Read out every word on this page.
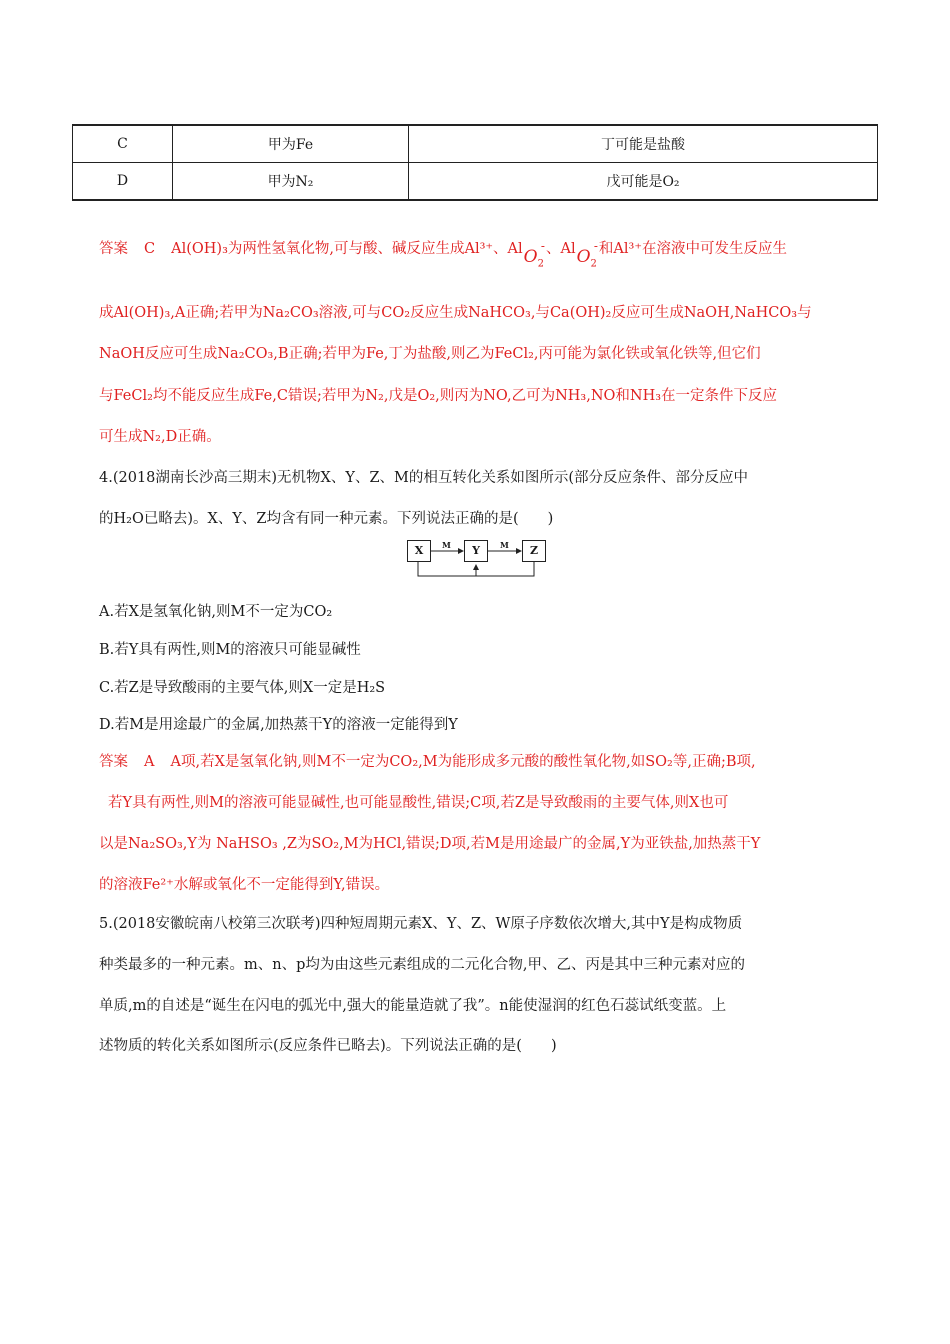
C	甲为Fe	丁可能是盐酸
D	甲为N₂	戊可能是O₂
答案 C Al(OH)₃为两性氢氧化物,可与酸、碱反应生成Al³⁺、AlO$_2$
- 、AlO$_2$
- 和Al³⁺在溶液中可发生反应生
成Al(OH)₃,A正确;若甲为Na₂CO₃溶液,可与CO₂反应生成NaHCO₃,与Ca(OH)₂反应可生成NaOH,NaHCO₃与
NaOH反应可生成Na₂CO₃,B正确;若甲为Fe,丁为盐酸,则乙为FeCl₂,丙可能为氯化铁或氧化铁等,但它们
与FeCl₂均不能反应生成Fe,C错误;若甲为N₂,戊是O₂,则丙为NO,乙可为NH₃,NO和NH₃在一定条件下反应
可生成N₂,D正确。
4.(2018湖南长沙高三期末)无机物X、Y、Z、M的相互转化关系如图所示(部分反应条件、部分反应中
的H₂O已略去)。X、Y、Z均含有同一种元素。下列说法正确的是(　　)
X	Y	Z
M	M
A.若X是氢氧化钠,则M不一定为CO₂
B.若Y具有两性,则M的溶液只可能显碱性
C.若Z是导致酸雨的主要气体,则X一定是H₂S
D.若M是用途最广的金属,加热蒸干Y的溶液一定能得到Y
答案 A A项,若X是氢氧化钠,则M不一定为CO₂,M为能形成多元酸的酸性氧化物,如SO₂等,正确;B项,
若Y具有两性,则M的溶液可能显碱性,也可能显酸性,错误;C项,若Z是导致酸雨的主要气体,则X也可
以是Na₂SO₃,Y为 NaHSO₃ ,Z为SO₂,M为HCl,错误;D项,若M是用途最广的金属,Y为亚铁盐,加热蒸干Y
的溶液Fe²⁺水解或氧化不一定能得到Y,错误。
5.(2018安徽皖南八校第三次联考)四种短周期元素X、Y、Z、W原子序数依次增大,其中Y是构成物质
种类最多的一种元素。m、n、p均为由这些元素组成的二元化合物,甲、乙、丙是其中三种元素对应的
单质,m的自述是“诞生在闪电的弧光中,强大的能量造就了我”。n能使湿润的红色石蕊试纸变蓝。上
述物质的转化关系如图所示(反应条件已略去)。下列说法正确的是(　　)
